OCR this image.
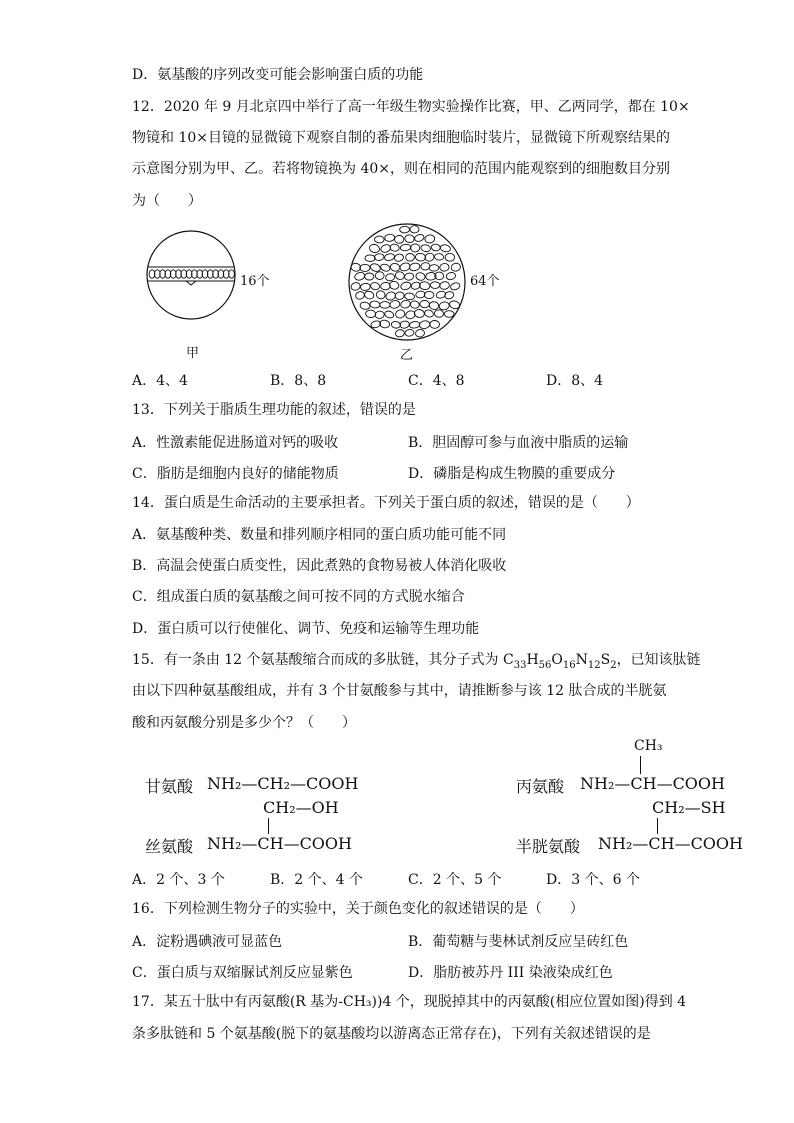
D．氨基酸的序列改变可能会影响蛋白质的功能
12．2020 年 9 月北京四中举行了高一年级生物实验操作比赛，甲、乙两同学，都在 10×
物镜和 10×目镜的显微镜下观察自制的番茄果肉细胞临时装片，显微镜下所观察结果的
示意图分别为甲、乙。若将物镜换为 40×，则在相同的范围内能观察到的细胞数目分别
为（　　）
16个
甲
64个
乙
A．4、4	B．8、8	C．4、8	D．8、4
13．下列关于脂质生理功能的叙述，错误的是
A．性激素能促进肠道对钙的吸收	B．胆固醇可参与血液中脂质的运输
C．脂肪是细胞内良好的储能物质	D．磷脂是构成生物膜的重要成分
14．蛋白质是生命活动的主要承担者。下列关于蛋白质的叙述，错误的是（　　）
A．氨基酸种类、数量和排列顺序相同的蛋白质功能可能不同
B．高温会使蛋白质变性，因此煮熟的食物易被人体消化吸收
C．组成蛋白质的氨基酸之间可按不同的方式脱水缩合
D．蛋白质可以行使催化、调节、免疫和运输等生理功能
15．有一条由 12 个氨基酸缩合而成的多肽链，其分子式为 $C_{33}H_{56}O_{16}N_{12}S_2$，已知该肽链
由以下四种氨基酸组成，并有 3 个甘氨酸参与其中，请推断参与该 12 肽合成的半胱氨
酸和丙氨酸分别是多少个？（　　）
甘氨酸 NH₂—CH₂—COOH
CH₂—OH
丝氨酸 NH₂—CH—COOH
CH₃
丙氨酸 NH₂—CH—COOH
CH₂—SH
半胱氨酸 NH₂—CH—COOH
A．2 个、3 个	B．2 个、4 个	C．2 个、5 个	D．3 个、6 个
16．下列检测生物分子的实验中，关于颜色变化的叙述错误的是（　　）
A．淀粉遇碘液可显蓝色	B．葡萄糖与斐林试剂反应呈砖红色
C．蛋白质与双缩脲试剂反应显紫色	D．脂肪被苏丹 III 染液染成红色
17．某五十肽中有丙氨酸(R 基为-CH₃))4 个，现脱掉其中的丙氨酸(相应位置如图)得到 4
条多肽链和 5 个氨基酸(脱下的氨基酸均以游离态正常存在)，下列有关叙述错误的是
